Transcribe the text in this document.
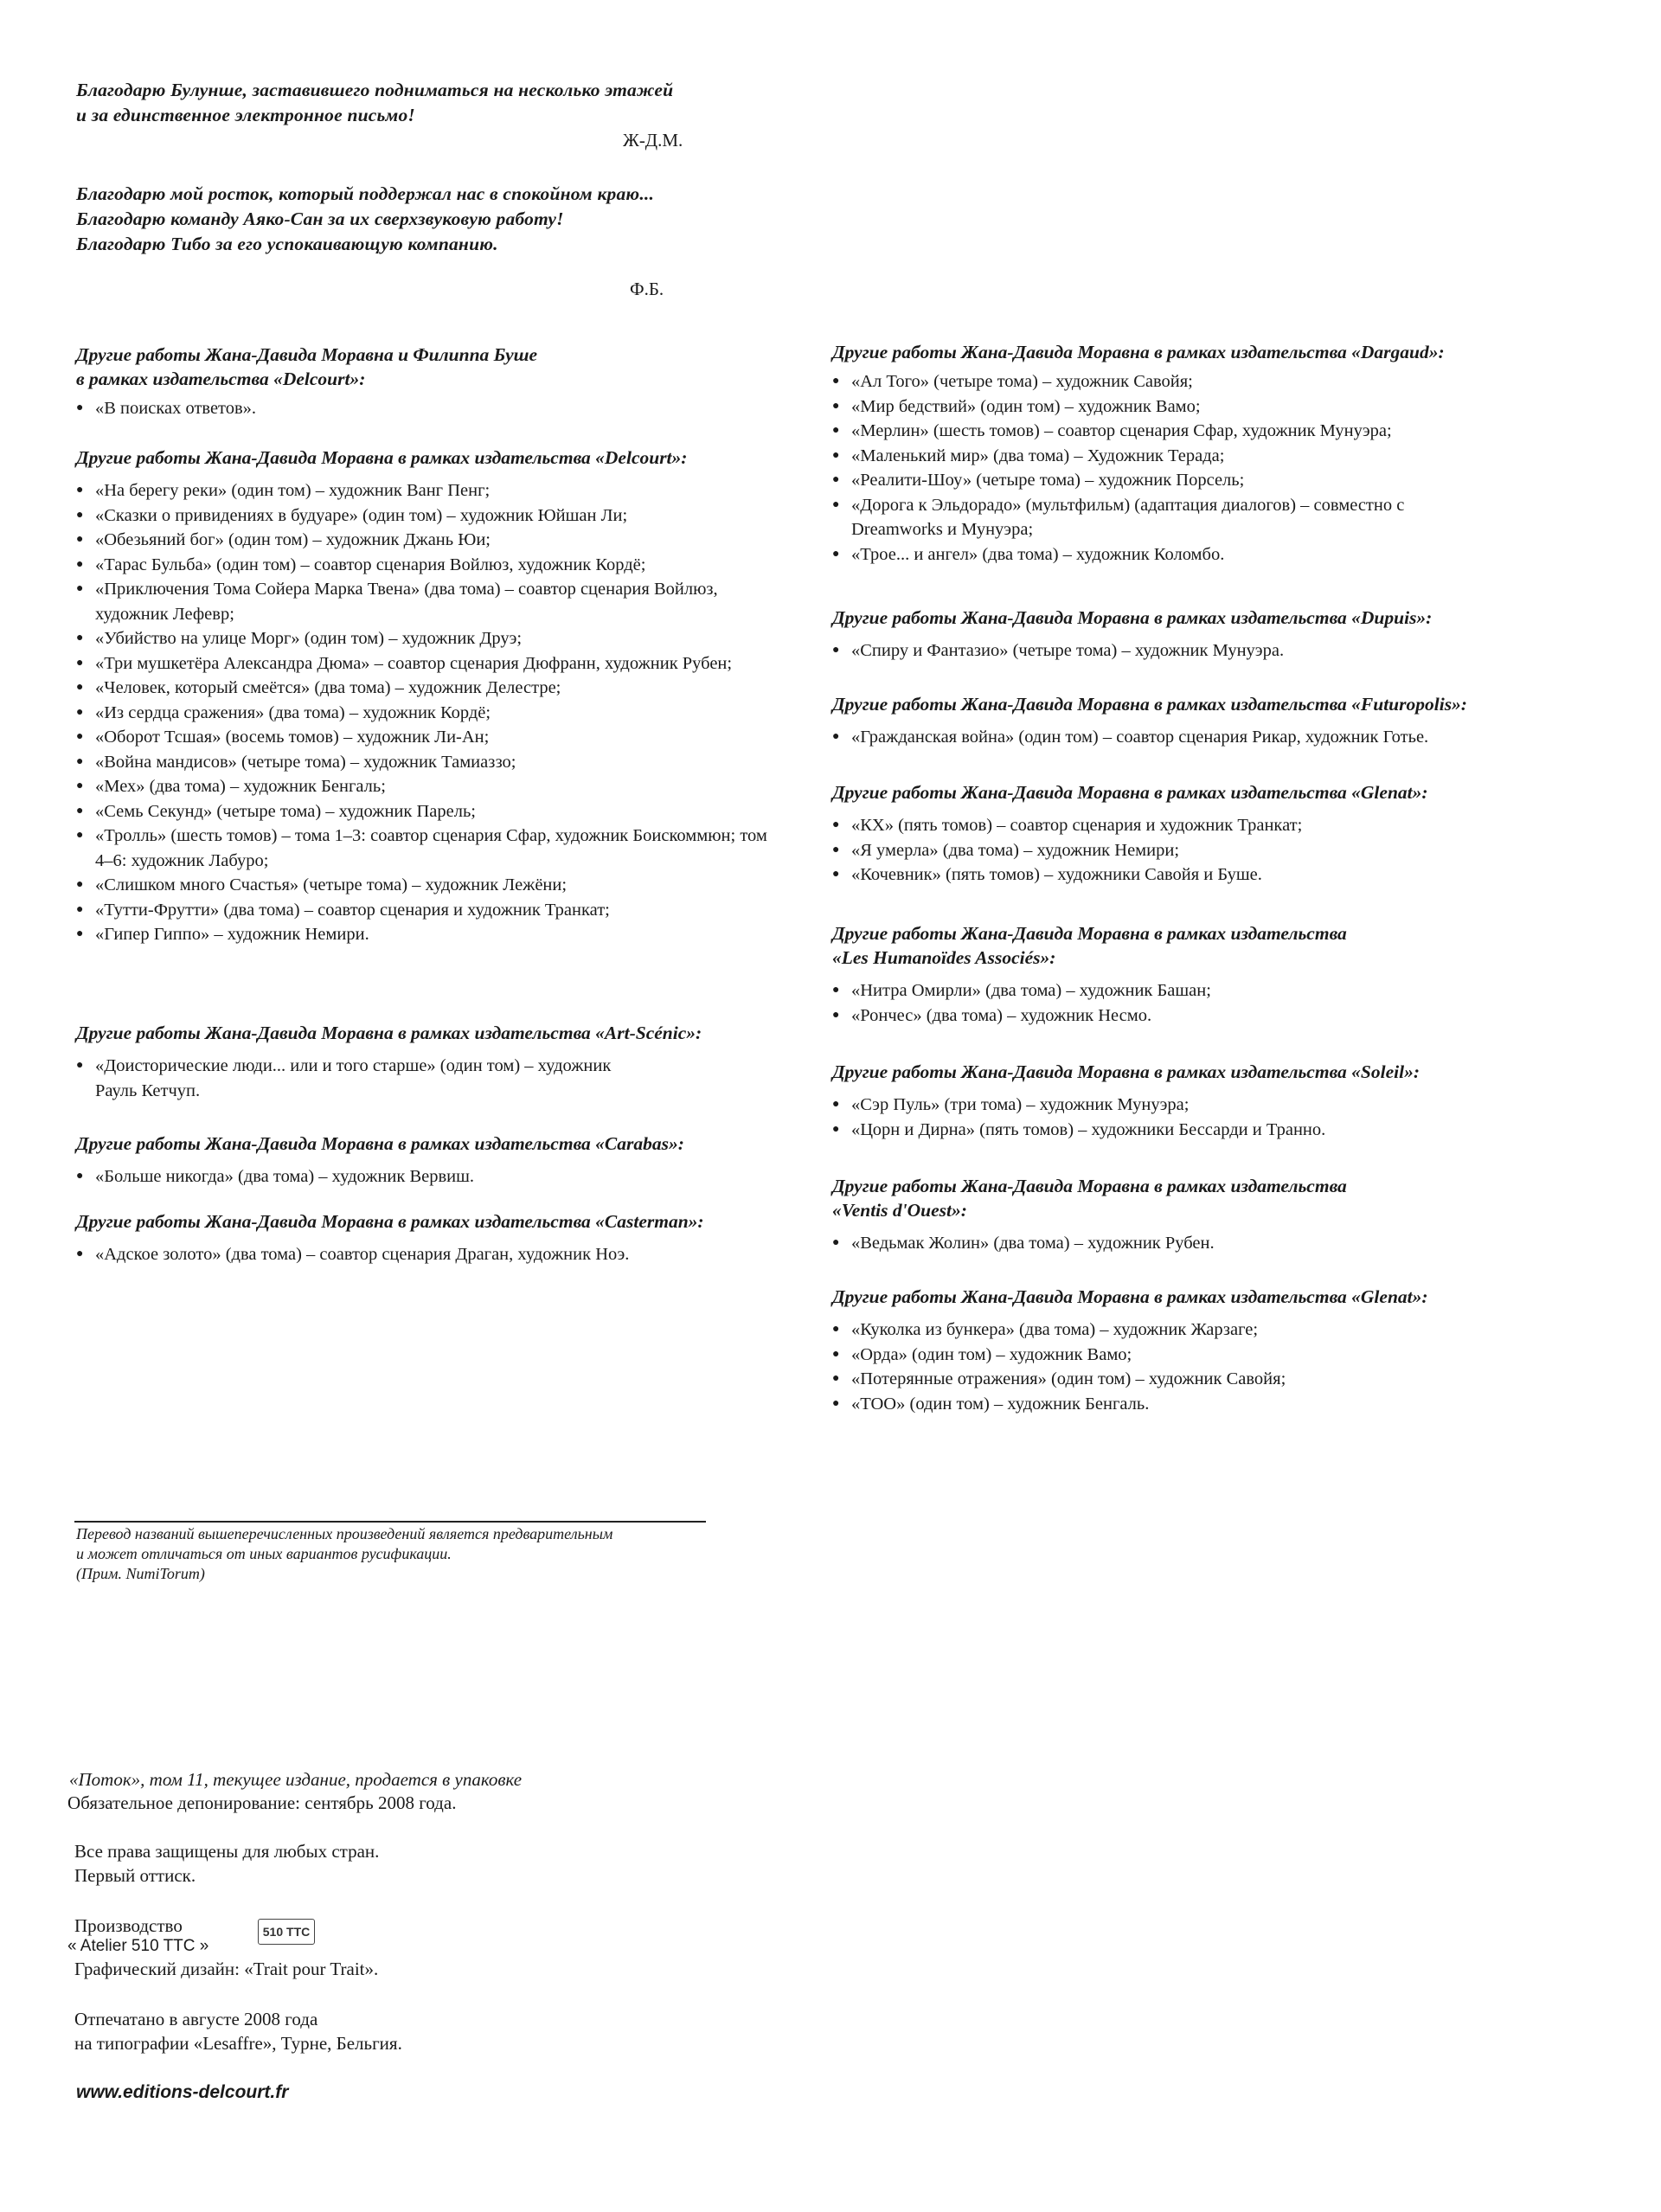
Благодарю Булунше, заставившего подниматься на несколько этажей
и за единственное электронное письмо!
Ж-Д.М.
Благодарю мой росток, который поддержал нас в спокойном краю...
Благодарю команду Аяко-Сан за их сверхзвуковую работу!
Благодарю Тибо за его успокаивающую компанию.
Ф.Б.

Другие работы Жана-Давида Моравна и Филиппа Буше
в рамках издательства «Delcourt»:

● «В поисках ответов».

Другие работы Жана-Давида Моравна в рамках издательства «Delcourt»:

● «На берегу реки» (один том) – художник Ванг Пенг;
● «Сказки о привидениях в будуаре» (один том) – художник Юйшан Ли;
● «Обезьяний бог» (один том) – художник Джань Юи;
● «Тарас Бульба» (один том) – соавтор сценария Войлюз, художник Кордё;
● «Приключения Тома Сойера Марка Твена» (два тома) – соавтор сценария Войлюз, художник Лефевр;
● «Убийство на улице Морг» (один том) – художник Друэ;
● «Три мушкетёра Александра Дюма» – соавтор сценария Дюфранн, художник Рубен;
● «Человек, который смеётся» (два тома) – художник Делестре;
● «Из сердца сражения» (два тома) – художник Кордё;
● «Оборот Тсшая» (восемь томов) – художник Ли-Ан;
● «Война мандисов» (четыре тома) – художник Тамиаззо;
● «Мех» (два тома) – художник Бенгаль;
● «Семь Секунд» (четыре тома) – художник Парель;
● «Тролль» (шесть томов) – тома 1–3: соавтор сценария Сфар, художник Боискоммюн; том 4–6: художник Лабуро;
● «Слишком много Счастья» (четыре тома) – художник Лежёни;
● «Тутти-Фрутти» (два тома) – соавтор сценария и художник Транкат;
● «Гипер Гиппо» – художник Немири.

Другие работы Жана-Давида Моравна в рамках издательства «Art-Scénic»:

● «Доисторические люди... или и того старше» (один том) – художник Рауль Кетчуп.

Другие работы Жана-Давида Моравна в рамках издательства «Carabas»:

● «Больше никогда» (два тома) – художник Вервиш.

Другие работы Жана-Давида Моравна в рамках издательства «Casterman»:

● «Адское золото» (два тома) – соавтор сценария Драган, художник Ноэ.

Другие работы Жана-Давида Моравна в рамках издательства «Dargaud»:

● «Ал Того» (четыре тома) – художник Савойя;
● «Мир бедствий» (один том) – художник Вамо;
● «Мерлин» (шесть томов) – соавтор сценария Сфар, художник Мунуэра;
● «Маленький мир» (два тома) – Художник Терада;
● «Реалити-Шоу» (четыре тома) – художник Порсель;
● «Дорога к Эльдорадо» (мультфильм) (адаптация диалогов) – совместно с Dreamworks и Мунуэра;
● «Трое... и ангел» (два тома) – художник Коломбо.

Другие работы Жана-Давида Моравна в рамках издательства «Dupuis»:

● «Спиру и Фантазио» (четыре тома) – художник Мунуэра.

Другие работы Жана-Давида Моравна в рамках издательства «Futuropolis»:

● «Гражданская война» (один том) – соавтор сценария Рикар, художник Готье.

Другие работы Жана-Давида Моравна в рамках издательства «Glenat»:

● «КХ» (пять томов) – соавтор сценария и художник Транкат;
● «Я умерла» (два тома) – художник Немири;
● «Кочевник» (пять томов) – художники Савойя и Буше.

Другие работы Жана-Давида Моравна в рамках издательства
«Les Humanoïdes Associés»:

● «Нитра Омирли» (два тома) – художник Башан;
● «Рончес» (два тома) – художник Несмо.

Другие работы Жана-Давида Моравна в рамках издательства «Soleil»:

● «Сэр Пуль» (три тома) – художник Мунуэра;
● «Цорн и Дирна» (пять томов) – художники Бессарди и Транно.

Другие работы Жана-Давида Моравна в рамках издательства
«Ventis d'Ouest»:

● «Ведьмак Жолин» (два тома) – художник Рубен.

Другие работы Жана-Давида Моравна в рамках издательства «Glenat»:

● «Куколка из бункера» (два тома) – художник Жарзаге;
● «Орда» (один том) – художник Вамо;
● «Потерянные отражения» (один том) – художник Савойя;
● «ТОО» (один том) – художник Бенгаль.
Перевод названий вышеперечисленных произведений является предварительным
и может отличаться от иных вариантов русификации.
(Прим. NumiTorum)
«Поток», том 11, текущее издание, продается в упаковке
Обязательное депонирование: сентябрь 2008 года.
Все права защищены для любых стран.
Первый оттиск.
Производство	510 TTC
« Atelier 510 TTC »
Графический дизайн: «Trait pour Trait».
Отпечатано в августе 2008 года
на типографии «Lesaffre», Турне, Бельгия.
www.editions-delcourt.fr
